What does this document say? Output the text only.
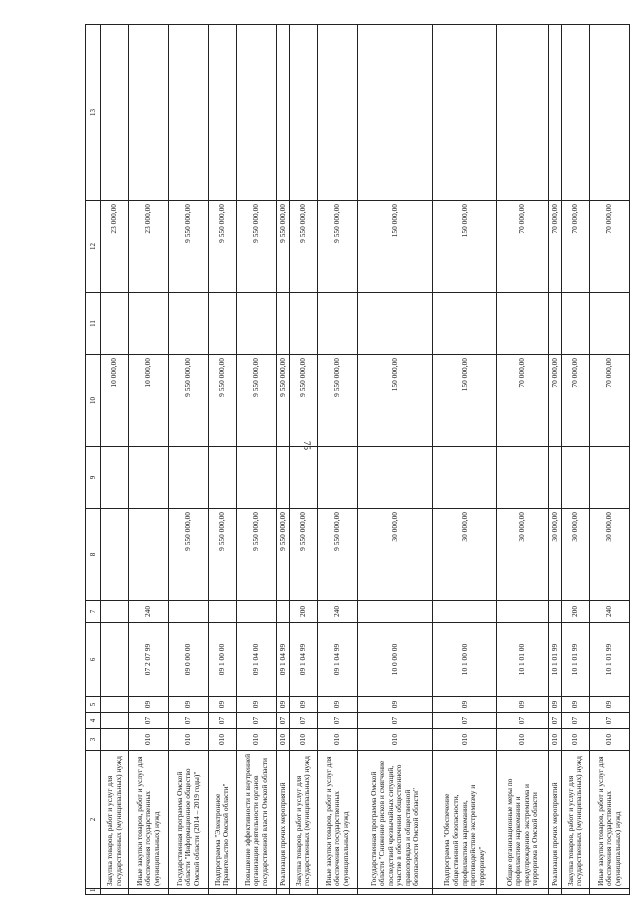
75
1	2	3	4	5	6	7	8	9	10	11	12	13
	Закупка товаров, работ и услуг для государственных (муниципальных) нужд								10 000,00		23 000,00	
	Иные закупки товаров, работ и услуг для обеспечения государственных (муниципальных) нужд	010	07	09	07 2 07 99	240			10 000,00		23 000,00	
	Государственная программа Омской области "Информационное общество Омской области (2014 – 2019 годы)"	010	07	09	09 0 00 00		9 550 000,00		9 550 000,00		9 550 000,00	
	Подпрограмма "Электронное Правительство Омской области"	010	07	09	09 1 00 00		9 550 000,00		9 550 000,00		9 550 000,00	
	Повышение эффективности и внутренней организации деятельности органов государственной власти Омской области	010	07	09	09 1 04 00		9 550 000,00		9 550 000,00		9 550 000,00	
	Реализация прочих мероприятий	010	07	09	09 1 04 99		9 550 000,00		9 550 000,00		9 550 000,00	
	Закупка товаров, работ и услуг для государственных (муниципальных) нужд	010	07	09	09 1 04 99	200	9 550 000,00		9 550 000,00		9 550 000,00	
	Иные закупки товаров, работ и услуг для обеспечения государственных (муниципальных) нужд	010	07	09	09 1 04 99	240	9 550 000,00		9 550 000,00		9 550 000,00	
	Государственная программа Омской области "Снижение рисков и смягчение последствий чрезвычайных ситуаций, участие в обеспечении общественного правопорядка и общественной безопасности Омской области"	010	07	09	10 0 00 00		30 000,00		150 000,00		150 000,00	
	Подпрограмма "Обеспечение общественной безопасности, профилактика наркомании, противодействие экстремизму и терроризму"	010	07	09	10 1 00 00		30 000,00		150 000,00		150 000,00	
	Общие организационные меры по профилактике наркомании и предупреждению экстремизма и терроризма в Омской области	010	07	09	10 1 01 00		30 000,00		70 000,00		70 000,00	
	Реализация прочих мероприятий	010	07	09	10 1 01 99		30 000,00		70 000,00		70 000,00	
	Закупка товаров, работ и услуг для государственных (муниципальных) нужд	010	07	09	10 1 01 99	200	30 000,00		70 000,00		70 000,00	
	Иные закупки товаров, работ и услуг для обеспечения государственных (муниципальных) нужд	010	07	09	10 1 01 99	240	30 000,00		70 000,00		70 000,00	
